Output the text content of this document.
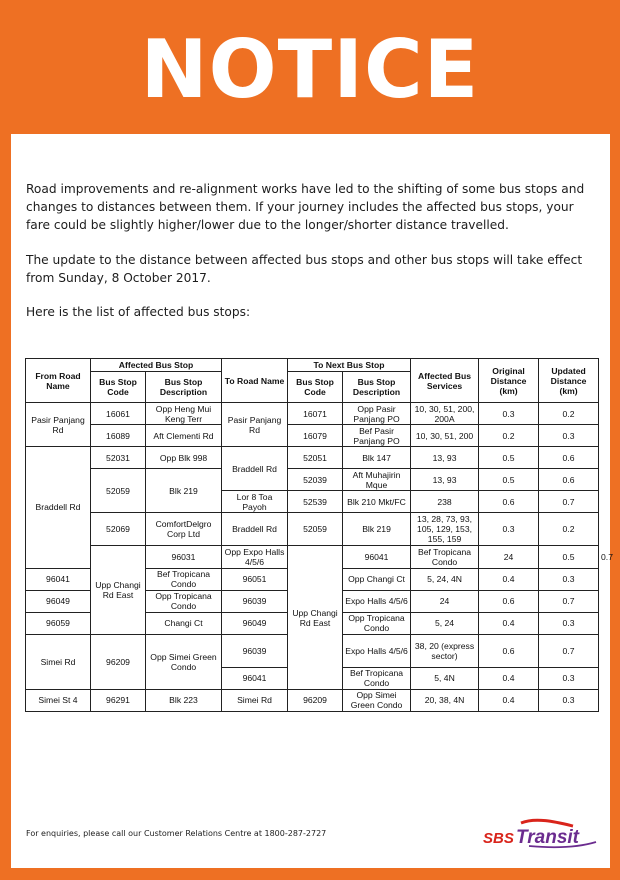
NOTICE

Road improvements and re-alignment works have led to the shifting of some bus stops and changes to distances between them. If your journey includes the affected bus stops, your fare could be slightly higher/lower due to the longer/shorter distance travelled.

The update to the distance between affected bus stops and other bus stops will take effect from Sunday, 8 October 2017.

Here is the list of affected bus stops:

From Road Name	Affected Bus Stop		To Road Name	To Next Bus Stop		Affected Bus Services	Original Distance (km)	Updated Distance (km)	
	Bus Stop Code	Bus Stop Description		Bus Stop Code	Bus Stop Description				
Pasir Panjang Rd	16061	Opp Heng Mui Keng Terr	Pasir Panjang Rd	16071	Opp Pasir Panjang PO	10, 30, 51, 200, 200A	0.3	0.2	
	16089	Aft Clementi Rd		16079	Bef Pasir Panjang PO	10, 30, 51, 200	0.2	0.3	
Braddell Rd	52031	Opp Blk 998	Braddell Rd	52051	Blk 147	13, 93	0.5	0.6	
	52059	Blk 219		52039	Aft Muhajirin Mque	13, 93	0.5	0.6	
			Lor 8 Toa Payoh	52539	Blk 210 Mkt/FC	238	0.6	0.7	
	52069	ComfortDelgro Corp Ltd	Braddell Rd	52059	Blk 219	13, 28, 73, 93, 105, 129, 153, 155, 159	0.3	0.2	
	Upp Changi Rd East	96031	Opp Expo Halls 4/5/6	Upp Changi Rd East	96041	Bef Tropicana Condo	24	0.5	0.7
96041		Bef Tropicana Condo	96051		Opp Changi Ct	5, 24, 4N	0.4	0.3	
96049		Opp Tropicana Condo	96039		Expo Halls 4/5/6	24	0.6	0.7	
96059		Changi Ct	96049		Opp Tropicana Condo	5, 24	0.4	0.3	
Simei Rd	96209	Opp Simei Green Condo	96039		Expo Halls 4/5/6	38, 20 (express sector)	0.6	0.7	
			96041		Bef Tropicana Condo	5, 4N	0.4	0.3	
Simei St 4	96291	Blk 223	Simei Rd	96209	Opp Simei Green Condo	20, 38, 4N	0.4	0.3	
For enquiries, please call our Customer Relations Centre at 1800-287-2727	SBS Transit
